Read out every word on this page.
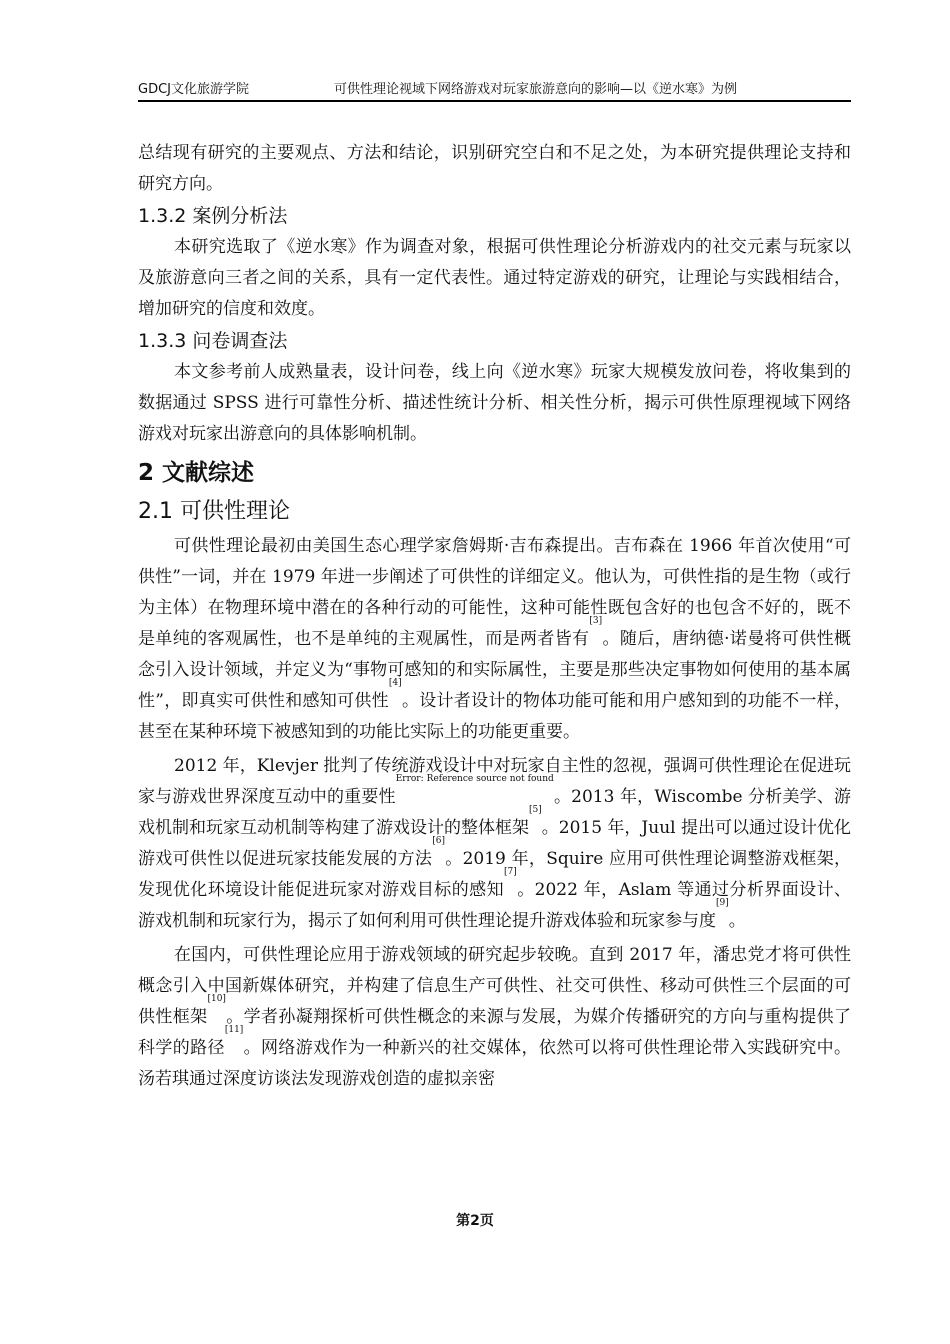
GDCJ文化旅游学院	可供性理论视域下网络游戏对玩家旅游意向的影响—以《逆水寒》为例

总结现有研究的主要观点、方法和结论，识别研究空白和不足之处，为本研究提供理论支持和研究方向。

1.3.2 案例分析法

本研究选取了《逆水寒》作为调查对象，根据可供性理论分析游戏内的社交元素与玩家以及旅游意向三者之间的关系，具有一定代表性。通过特定游戏的研究，让理论与实践相结合，增加研究的信度和效度。

1.3.3 问卷调查法

本文参考前人成熟量表，设计问卷，线上向《逆水寒》玩家大规模发放问卷，将收集到的数据通过 SPSS 进行可靠性分析、描述性统计分析、相关性分析，揭示可供性原理视域下网络游戏对玩家出游意向的具体影响机制。

2 文献综述
2.1 可供性理论

可供性理论最初由美国生态心理学家詹姆斯·吉布森提出。吉布森在 1966 年首次使用“可供性”一词，并在 1979 年进一步阐述了可供性的详细定义。他认为，可供性指的是生物（或行为主体）在物理环境中潜在的各种行动的可能性，这种可能性既包含好的也包含不好的，既不是单纯的客观属性，也不是单纯的主观属性，而是两者皆有[3]。随后，唐纳德·诺曼将可供性概念引入设计领域，并定义为“事物可感知的和实际属性，主要是那些决定事物如何使用的基本属性”，即真实可供性和感知可供性[4]。设计者设计的物体功能可能和用户感知到的功能不一样，甚至在某种环境下被感知到的功能比实际上的功能更重要。

2012 年，Klevjer 批判了传统游戏设计中对玩家自主性的忽视，强调可供性理论在促进玩家与游戏世界深度互动中的重要性$^{Error: Reference source not found}$。2013 年，Wiscombe 分析美学、游戏机制和玩家互动机制等构建了游戏设计的整体框架[5]。2015 年，Juul 提出可以通过设计优化游戏可供性以促进玩家技能发展的方法[6]。2019 年，Squire 应用可供性理论调整游戏框架，发现优化环境设计能促进玩家对游戏目标的感知[7]。2022 年，Aslam 等通过分析界面设计、游戏机制和玩家行为，揭示了如何利用可供性理论提升游戏体验和玩家参与度[9]。

在国内，可供性理论应用于游戏领域的研究起步较晚。直到 2017 年，潘忠党才将可供性概念引入中国新媒体研究，并构建了信息生产可供性、社交可供性、移动可供性三个层面的可供性框架[10]。学者孙凝翔探析可供性概念的来源与发展，为媒介传播研究的方向与重构提供了科学的路径[11]。网络游戏作为一种新兴的社交媒体，依然可以将可供性理论带入实践研究中。汤若琪通过深度访谈法发现游戏创造的虚拟亲密

第2页
